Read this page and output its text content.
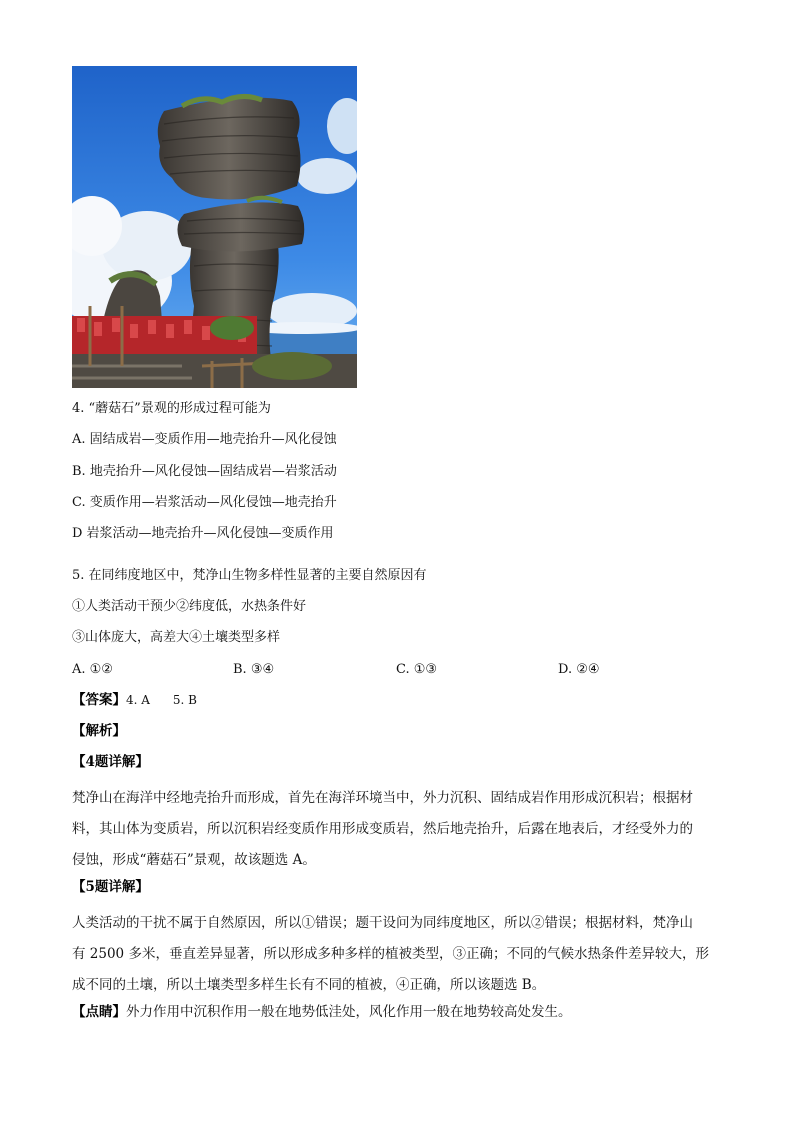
4. “蘑菇石”景观的形成过程可能为
A. 固结成岩—变质作用—地壳抬升—风化侵蚀
B. 地壳抬升—风化侵蚀—固结成岩—岩浆活动
C. 变质作用—岩浆活动—风化侵蚀—地壳抬升
D 岩浆活动—地壳抬升—风化侵蚀—变质作用
5. 在同纬度地区中，梵净山生物多样性显著的主要自然原因有
①人类活动干预少②纬度低，水热条件好
③山体庞大，高差大④土壤类型多样
A. ①②	B. ③④	C. ①③	D. ②④
【答案】4. A      5. B
【解析】
【4题详解】
梵净山在海洋中经地壳抬升而形成，首先在海洋环境当中，外力沉积、固结成岩作用形成沉积岩；根据材
料，其山体为变质岩，所以沉积岩经变质作用形成变质岩，然后地壳抬升，后露在地表后，才经受外力的
侵蚀，形成“蘑菇石”景观，故该题选 A。
【5题详解】
人类活动的干扰不属于自然原因，所以①错误；题干设问为同纬度地区，所以②错误；根据材料，梵净山
有 2500 多米，垂直差异显著，所以形成多种多样的植被类型，③正确；不同的气候水热条件差异较大，形
成不同的土壤，所以土壤类型多样生长有不同的植被，④正确，所以该题选 B。
【点睛】外力作用中沉积作用一般在地势低洼处，风化作用一般在地势较高处发生。
